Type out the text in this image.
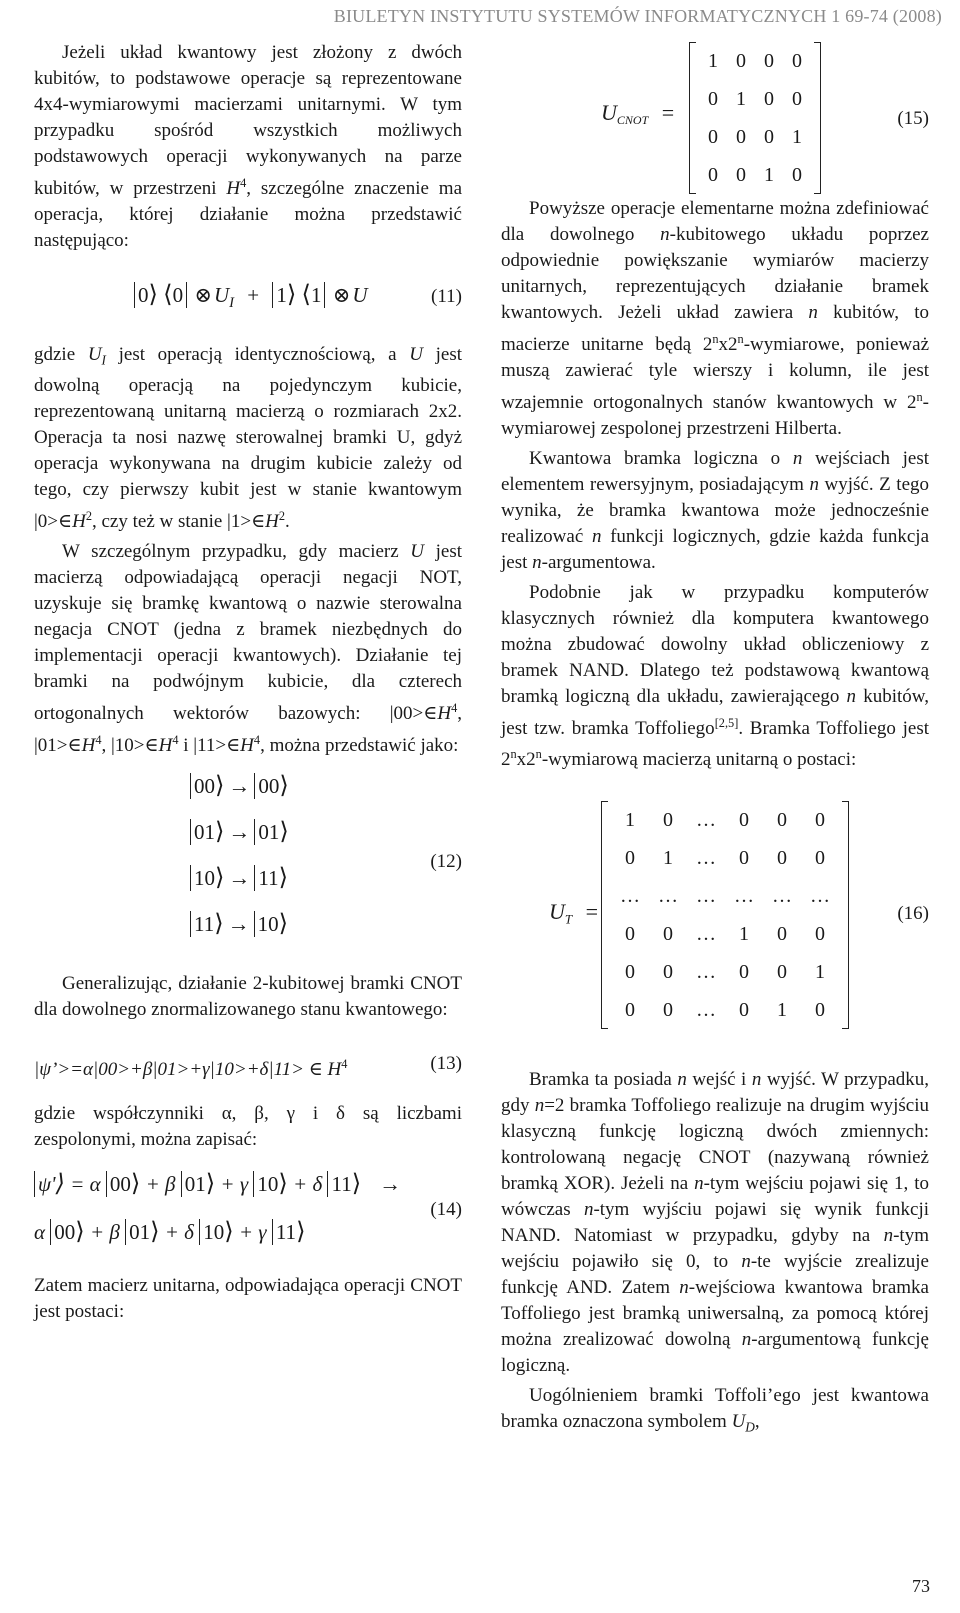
BIULETYN INSTYTUTU SYSTEMÓW INFORMATYCZNYCH 1 69-74 (2008)

Jeżeli układ kwantowy jest złożony z dwóch kubitów, to podstawowe operacje są reprezentowane 4x4-wymiarowymi macierzami unitarnymi. W tym przypadku spośród wszystkich możliwych podstawowych operacji wykonywanych na parze kubitów, w przestrzeni $H^4$, szczególne znaczenie ma operacja, której działanie można przedstawić następująco:

0 ⟩ ⟨ 0 $\otimes U_I + 1$ ⟩ ⟨ 1 ⊗U	(11)

gdzie $U_I$ jest operacją identycznościową, a U jest dowolną operacją na pojedynczym kubicie, reprezentowaną unitarną macierzą o rozmiarach 2x2. Operacja ta nosi nazwę sterowalnej bramki U, gdyż operacja wykonywana na drugim kubicie zależy od tego, czy pierwszy kubit jest w stanie kwantowym $|0>\in H^2$, czy też w stanie $|1>\in H^2$.

W szczególnym przypadku, gdy macierz U jest macierzą odpowiadającą operacji negacji NOT, uzyskuje się bramkę kwantową o nazwie sterowalna negacja CNOT (jedna z bramek niezbędnych do implementacji operacji kwantowych). Działanie tej bramki na podwójnym kubicie, dla czterech ortogonalnych wektorów bazowych: $|00>\in H^4$, $|01>\in H^4$, $|10>\in H^4$ i $|11>\in H^4$, można przedstawić jako:

00 ⟩ → 00 ⟩
01 ⟩ → 01 ⟩
10 ⟩ → 11 ⟩
11 ⟩ → 10 ⟩
(12)

Generalizując, działanie 2-kubitowej bramki CNOT dla dowolnego znormalizowanego stanu kwantowego:

|ψ’>=α|00>+β|01>+γ|10>+δ|11> ∈ $H^4$	(13)

gdzie współczynniki α, β, γ i δ są liczbami zespolonymi, można zapisać:

ψ' ⟩ = α 00 ⟩ + β 01 ⟩ + γ 10 ⟩ + δ 11 ⟩ →
α 00 ⟩ + β 01 ⟩ + δ 10 ⟩ + γ 11 ⟩
(14)

Zatem macierz unitarna, odpowiadająca operacji CNOT jest postaci:

$U_{CNOT}$ =
1	0	0	0
0	1	0	0
0	0	0	1
0	0	1	0
(15)

Powyższe operacje elementarne można zdefiniować dla dowolnego n-kubitowego układu poprzez odpowiednie powiększanie wymiarów macierzy unitarnych, reprezentujących działanie bramek kwantowych. Jeżeli układ zawiera n kubitów, to macierze unitarne będą 2$^n$x2$^n$-wymiarowe, ponieważ muszą zawierać tyle wierszy i kolumn, ile jest wzajemnie ortogonalnych stanów kwantowych w 2$^n$-wymiarowej zespolonej przestrzeni Hilberta.

Kwantowa bramka logiczna o n wejściach jest elementem rewersyjnym, posiadającym n wyjść. Z tego wynika, że bramka kwantowa może jednocześnie realizować n funkcji logicznych, gdzie każda funkcja jest n-argumentowa.

Podobnie jak w przypadku komputerów klasycznych również dla komputera kwantowego można zbudować dowolny układ obliczeniowy z bramek NAND. Dlatego też podstawową kwantową bramką logiczną dla układu, zawierającego n kubitów, jest tzw. bramka Toffoliego[2,5]. Bramka Toffoliego jest 2$^n$x2$^n$-wymiarową macierzą unitarną o postaci:

$U_T$ =
1	0	…	0	0	0
0	1	…	0	0	0
…	…	…	…	…	…
0	0	…	1	0	0
0	0	…	0	0	1
0	0	…	0	1	0
(16)

Bramka ta posiada n wejść i n wyjść. W przypadku, gdy n=2 bramka Toffoliego realizuje na drugim wyjściu klasyczną funkcję logiczną dwóch zmiennych: kontrolowaną negację CNOT (nazywaną również bramką XOR). Jeżeli na n-tym wejściu pojawi się 1, to wówczas n-tym wyjściu pojawi się wynik funkcji NAND. Natomiast w przypadku, gdyby na n-tym wejściu pojawiło się 0, to n-te wyjście zrealizuje funkcję AND. Zatem n-wejściowa kwantowa bramka Toffoliego jest bramką uniwersalną, za pomocą której można zrealizować dowolną n-argumentową funkcję logiczną.

Uogólnieniem bramki Toffoli’ego jest kwantowa bramka oznaczona symbolem $U_D$,

73
